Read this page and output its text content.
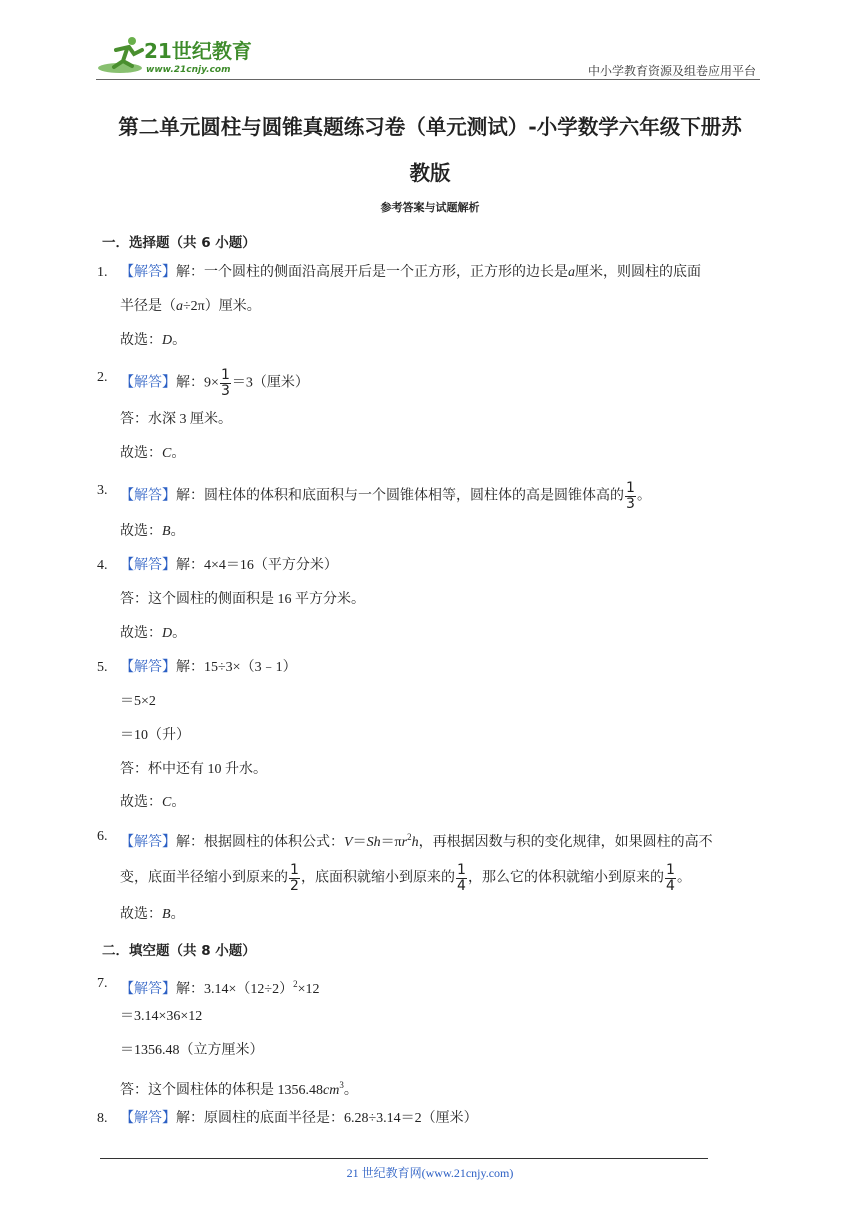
21世纪教育
www.21cnjy.com	中小学教育资源及组卷应用平台
第二单元圆柱与圆锥真题练习卷（单元测试）-小学数学六年级下册苏
教版
参考答案与试题解析
一．选择题（共 6 小题）
1. 【解答】解：一个圆柱的侧面沿高展开后是一个正方形，正方形的边长是a厘米，则圆柱的底面
半径是（a÷2π）厘米。
故选：D。
2. 【解答】解：$9\times \frac{1}{3} =3$（厘米）
答：水深 3 厘米。
故选：C。
3. 【解答】解：圆柱体的体积和底面积与一个圆锥体相等，圆柱体的高是圆锥体高的 $\frac{1}{3}$ 。
故选：B。
4. 【解答】解：4×4＝16（平方分米）
答：这个圆柱的侧面积是 16 平方分米。
故选：D。
5. 【解答】解：15÷3×（3﹣1）
＝5×2
＝10（升）
答：杯中还有 10 升水。
故选：C。
6. 【解答】解：根据圆柱的体积公式：$V=Sh=\pi r^2h$，再根据因数与积的变化规律，如果圆柱的高不
变，底面半径缩小到原来的 $\frac{1}{2}$ ，底面积就缩小到原来的 $\frac{1}{4}$ ，那么它的体积就缩小到原来的 $\frac{1}{4}$ 。
故选：B。
二．填空题（共 8 小题）
7. 【解答】解：$3.14\times(12\div 2)^2\times 12$
＝3.14×36×12
＝1356.48（立方厘米）
答：这个圆柱体的体积是 $1356.48cm^3$。
8. 【解答】解：原圆柱的底面半径是：6.28÷3.14＝2（厘米）
21 世纪教育网(www.21cnjy.com)
